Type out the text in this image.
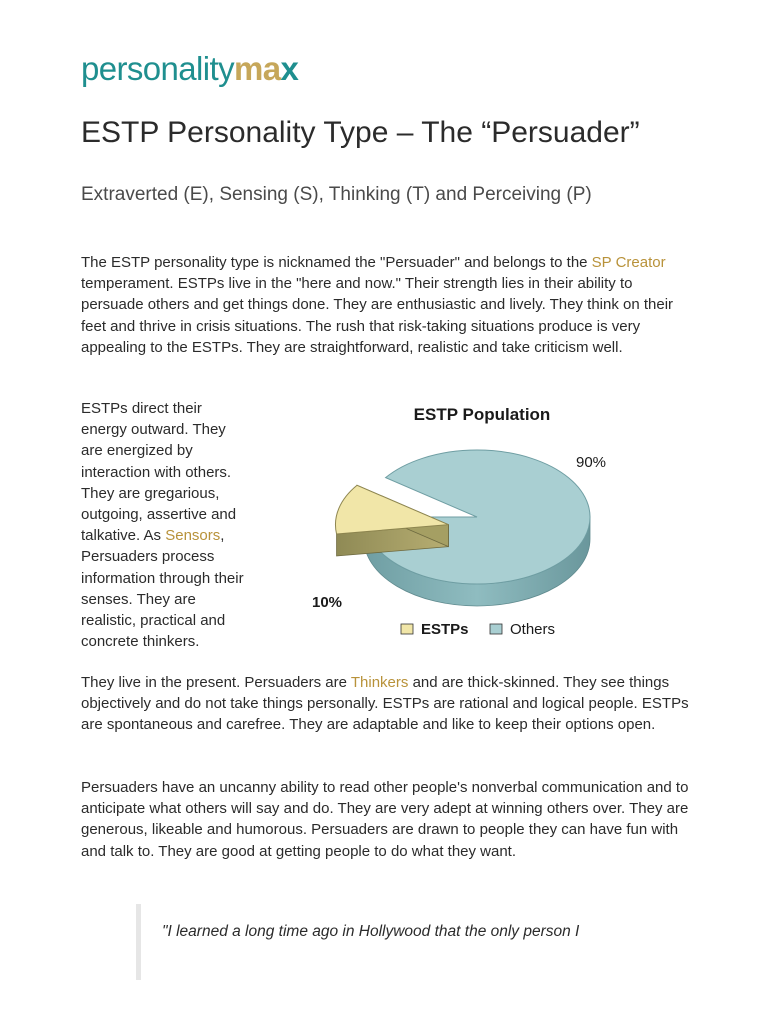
personalitymax
ESTP Personality Type – The “Persuader”

Extraverted (E), Sensing (S), Thinking (T) and Perceiving (P)

The ESTP personality type is nicknamed the "Persuader" and belongs to the SP Creator temperament. ESTPs live in the "here and now." Their strength lies in their ability to persuade others and get things done. They are enthusiastic and lively. They think on their feet and thrive in crisis situations. The rush that risk-taking situations produce is very appealing to the ESTPs. They are straightforward, realistic and take criticism well.

ESTPs direct their energy outward. They are energized by interaction with others. They are gregarious, outgoing, assertive and talkative. As Sensors, Persuaders process information through their senses. They are realistic, practical and concrete thinkers.

ESTP Population
90%
10%
ESTPs	Others

They live in the present. Persuaders are Thinkers and are thick-skinned. They see things objectively and do not take things personally. ESTPs are rational and logical people. ESTPs are spontaneous and carefree. They are adaptable and like to keep their options open.

Persuaders have an uncanny ability to read other people's nonverbal communication and to anticipate what others will say and do. They are very adept at winning others over. They are generous, likeable and humorous. Persuaders are drawn to people they can have fun with and talk to. They are good at getting people to do what they want.

"I learned a long time ago in Hollywood that the only person I
